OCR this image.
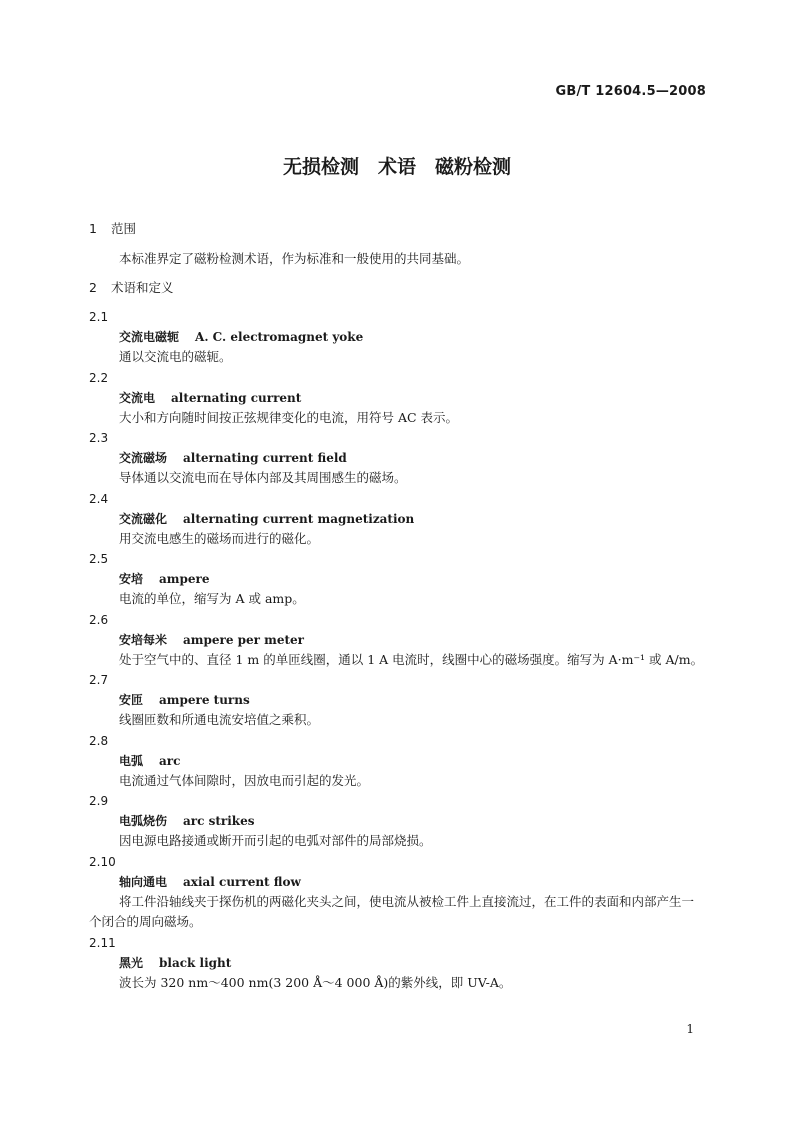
GB/T 12604.5—2008
无损检测　术语　磁粉检测
1 范围
本标准界定了磁粉检测术语，作为标准和一般使用的共同基础。
2 术语和定义
2.1
交流电磁轭 A. C. electromagnet yoke
通以交流电的磁轭。
2.2
交流电 alternating current
大小和方向随时间按正弦规律变化的电流，用符号 AC 表示。
2.3
交流磁场 alternating current field
导体通以交流电而在导体内部及其周围感生的磁场。
2.4
交流磁化 alternating current magnetization
用交流电感生的磁场而进行的磁化。
2.5
安培 ampere
电流的单位，缩写为 A 或 amp。
2.6
安培每米 ampere per meter
处于空气中的、直径 1 m 的单匝线圈，通以 1 A 电流时，线圈中心的磁场强度。缩写为 A·m⁻¹ 或 A/m。
2.7
安匝 ampere turns
线圈匝数和所通电流安培值之乘积。
2.8
电弧 arc
电流通过气体间隙时，因放电而引起的发光。
2.9
电弧烧伤 arc strikes
因电源电路接通或断开而引起的电弧对部件的局部烧损。
2.10
轴向通电 axial current flow
将工件沿轴线夹于探伤机的两磁化夹头之间，使电流从被检工件上直接流过，在工件的表面和内部产生一个闭合的周向磁场。
2.11
黑光 black light
波长为 320 nm～400 nm(3 200 Å～4 000 Å)的紫外线，即 UV-A。
1
